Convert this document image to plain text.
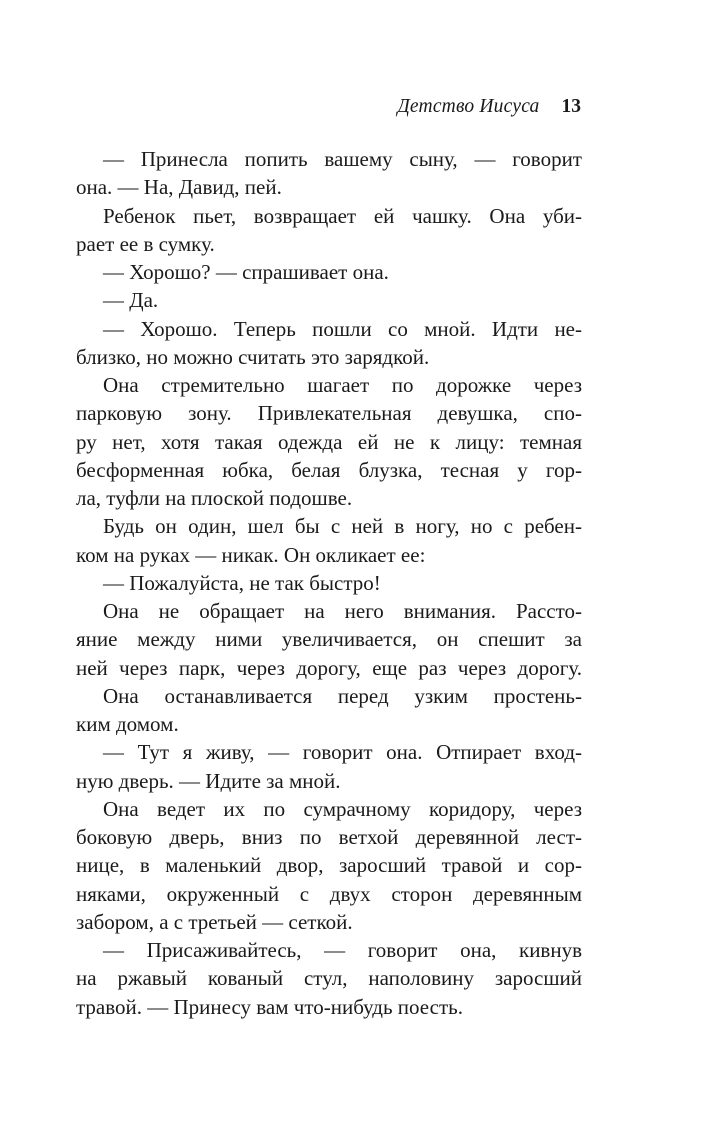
Детство Иисуса 13
— Принесла попить вашему сыну, — говорит
она. — На, Давид, пей.
Ребенок пьет, возвращает ей чашку. Она уби-
рает ее в сумку.
— Хорошо? — спрашивает она.
— Да.
— Хорошо. Теперь пошли со мной. Идти не-
близко, но можно считать это зарядкой.
Она стремительно шагает по дорожке через
парковую зону. Привлекательная девушка, спо-
ру нет, хотя такая одежда ей не к лицу: темная
бесформенная юбка, белая блузка, тесная у гор-
ла, туфли на плоской подошве.
Будь он один, шел бы с ней в ногу, но с ребен-
ком на руках — никак. Он окликает ее:
— Пожалуйста, не так быстро!
Она не обращает на него внимания. Рассто-
яние между ними увеличивается, он спешит за
ней через парк, через дорогу, еще раз через дорогу.
Она останавливается перед узким простень-
ким домом.
— Тут я живу, — говорит она. Отпирает вход-
ную дверь. — Идите за мной.
Она ведет их по сумрачному коридору, через
боковую дверь, вниз по ветхой деревянной лест-
нице, в маленький двор, заросший травой и сор-
няками, окруженный с двух сторон деревянным
забором, а с третьей — сеткой.
— Присаживайтесь, — говорит она, кивнув
на ржавый кованый стул, наполовину заросший
травой. — Принесу вам что-нибудь поесть.
